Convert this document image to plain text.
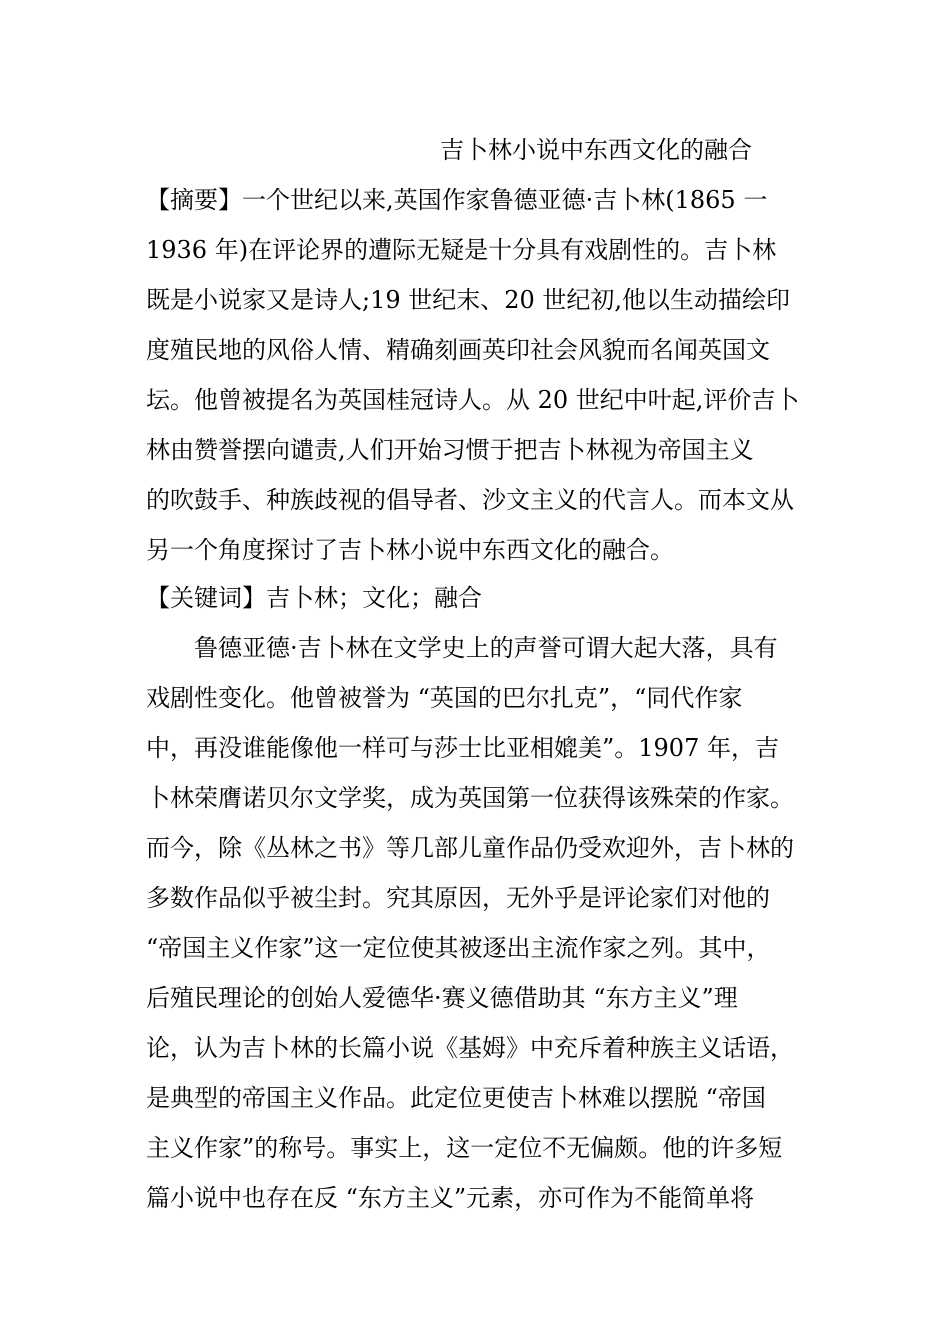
吉卜林小说中东西文化的融合
【摘要】一个世纪以来,英国作家鲁德亚德·吉卜林(1865 一
1936 年)在评论界的遭际无疑是十分具有戏剧性的。吉卜林
既是小说家又是诗人;19 世纪末、20 世纪初,他以生动描绘印
度殖民地的风俗人情、精确刻画英印社会风貌而名闻英国文
坛。他曾被提名为英国桂冠诗人。从 20 世纪中叶起,评价吉卜
林由赞誉摆向谴责,人们开始习惯于把吉卜林视为帝国主义
的吹鼓手、种族歧视的倡导者、沙文主义的代言人。而本文从
另一个角度探讨了吉卜林小说中东西文化的融合。
【关键词】吉卜林；文化；融合
鲁德亚德·吉卜林在文学史上的声誉可谓大起大落，具有
戏剧性变化。他曾被誉为 “英国的巴尔扎克”，“同代作家
中，再没谁能像他一样可与莎士比亚相媲美”。1907 年，吉
卜林荣膺诺贝尔文学奖，成为英国第一位获得该殊荣的作家。
而今，除《丛林之书》等几部儿童作品仍受欢迎外，吉卜林的
多数作品似乎被尘封。究其原因，无外乎是评论家们对他的
“帝国主义作家”这一定位使其被逐出主流作家之列。其中，
后殖民理论的创始人爱德华·赛义德借助其 “东方主义”理
论，认为吉卜林的长篇小说《基姆》中充斥着种族主义话语，
是典型的帝国主义作品。此定位更使吉卜林难以摆脱 “帝国
主义作家”的称号。事实上，这一定位不无偏颇。他的许多短
篇小说中也存在反 “东方主义”元素，亦可作为不能简单将
